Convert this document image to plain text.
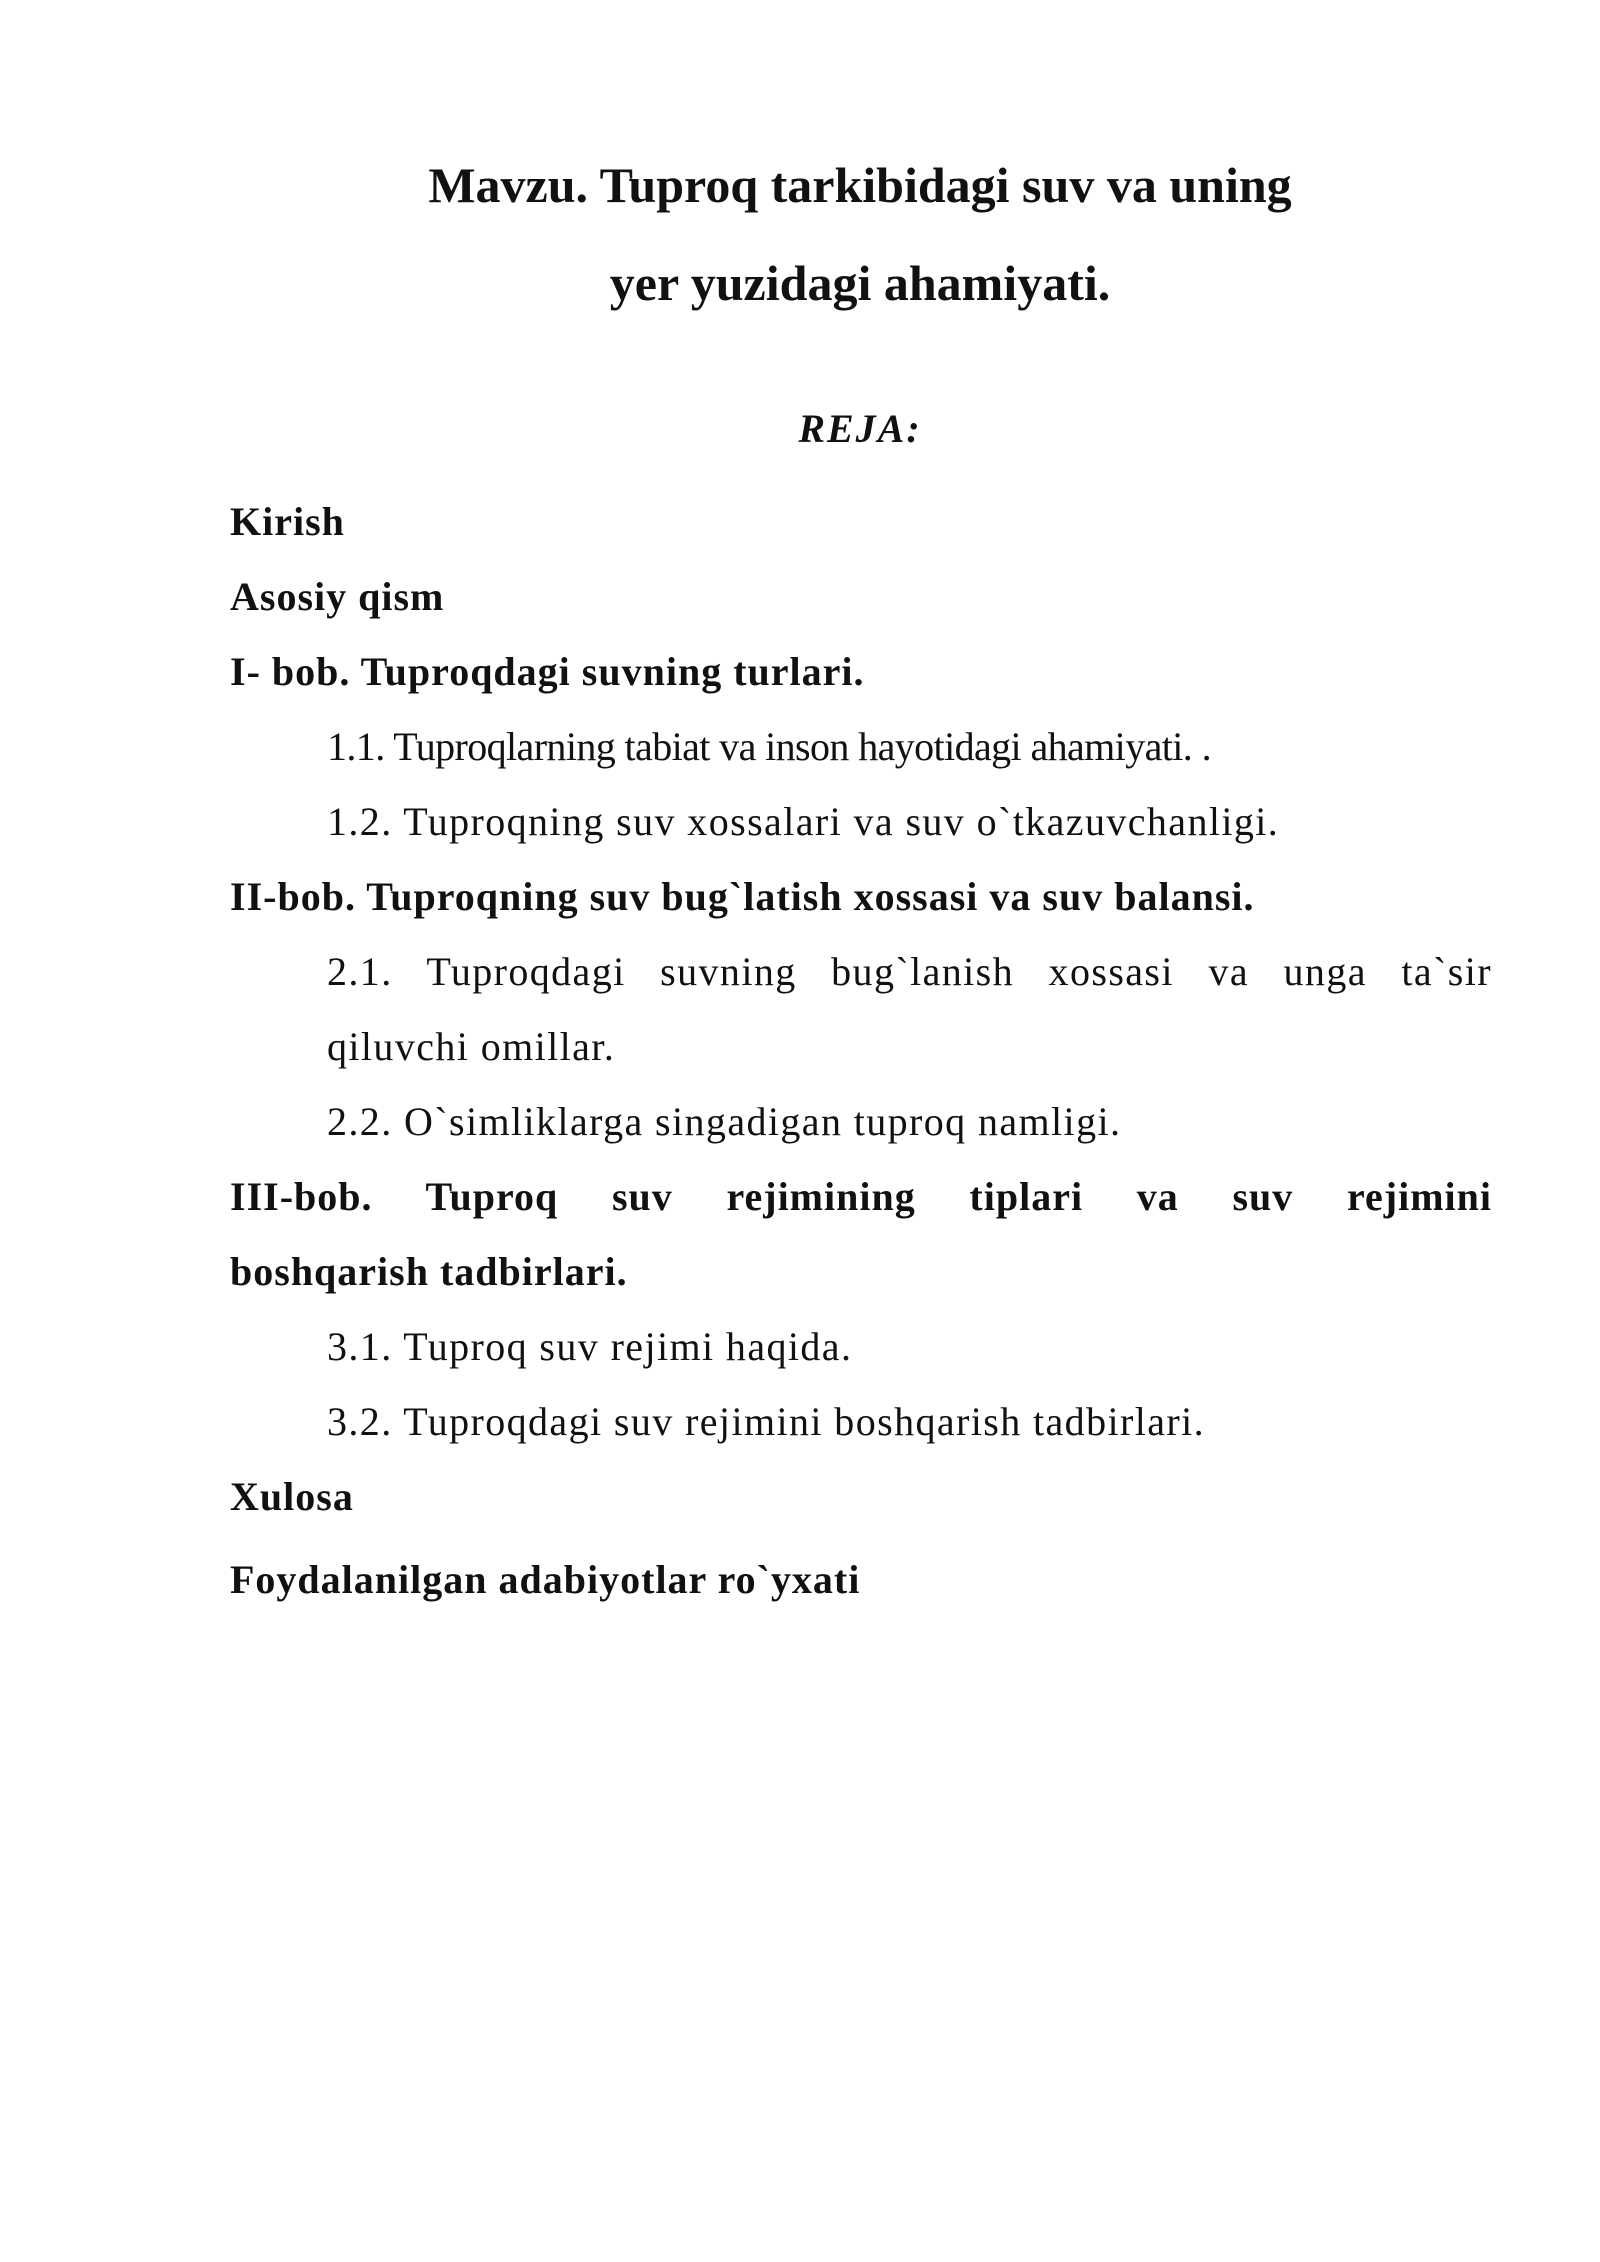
Mavzu. Tuproq tarkibidagi suv va uning
yer yuzidagi ahamiyati.
REJA:
Kirish
Asosiy qism
I- bob. Tuproqdagi suvning turlari.
1.1. Tuproqlarning tabiat va inson hayotidagi ahamiyati. .
1.2. Tuproqning suv xossalari va suv o`tkazuvchanligi.
II-bob. Tuproqning suv bug`latish xossasi va suv balansi.
2.1. Tuproqdagi suvning bug`lanish xossasi va unga ta`sir
qiluvchi omillar.
2.2. O`simliklarga singadigan tuproq namligi.
III-bob. Tuproq suv rejimining tiplari va suv rejimini
boshqarish tadbirlari.
3.1. Tuproq suv rejimi haqida.
3.2. Tuproqdagi suv rejimini boshqarish tadbirlari.
Xulosa
Foydalanilgan adabiyotlar ro`yxati
